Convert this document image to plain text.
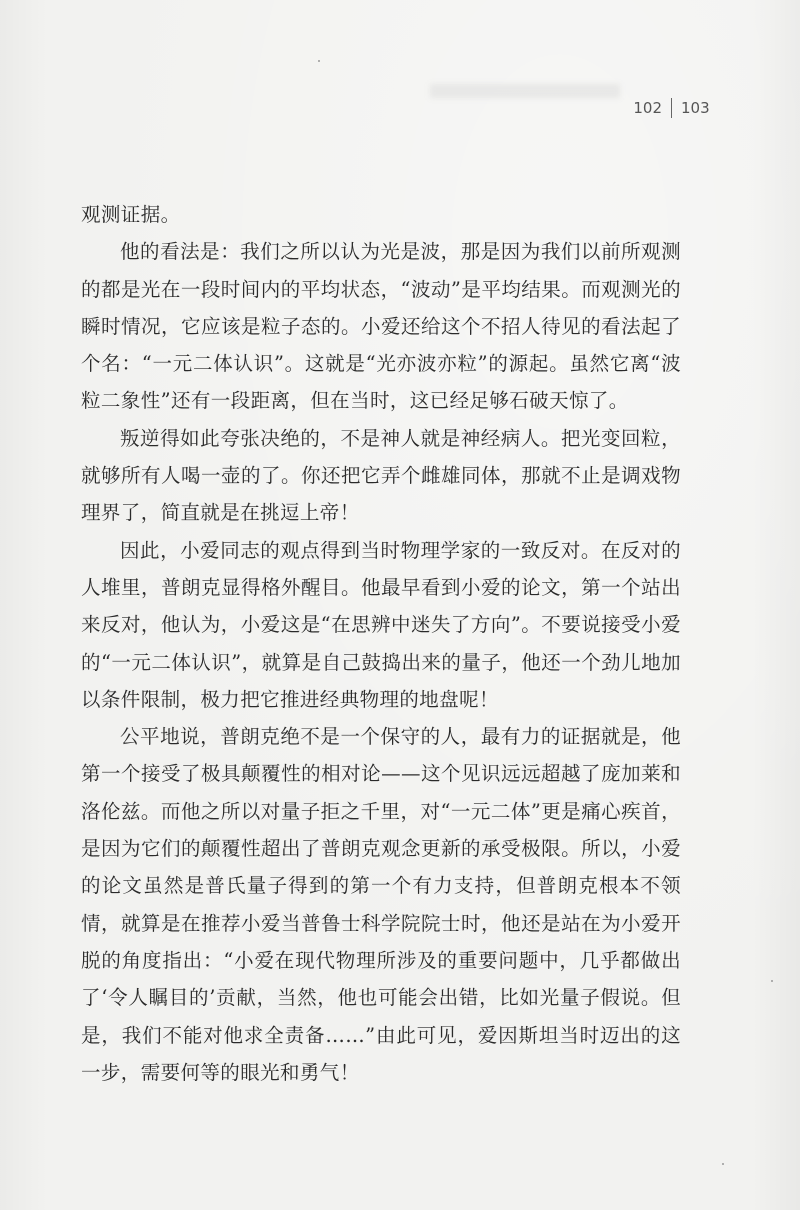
102 103

观测证据。

他的看法是：我们之所以认为光是波，那是因为我们以前所观测的都是光在一段时间内的平均状态，“波动”是平均结果。而观测光的瞬时情况，它应该是粒子态的。小爱还给这个不招人待见的看法起了个名：“一元二体认识”。这就是“光亦波亦粒”的源起。虽然它离“波粒二象性”还有一段距离，但在当时，这已经足够石破天惊了。

叛逆得如此夸张决绝的，不是神人就是神经病人。把光变回粒，就够所有人喝一壶的了。你还把它弄个雌雄同体，那就不止是调戏物理界了，简直就是在挑逗上帝！

因此，小爱同志的观点得到当时物理学家的一致反对。在反对的人堆里，普朗克显得格外醒目。他最早看到小爱的论文，第一个站出来反对，他认为，小爱这是“在思辨中迷失了方向”。不要说接受小爱的“一元二体认识”，就算是自己鼓捣出来的量子，他还一个劲儿地加以条件限制，极力把它推进经典物理的地盘呢！

公平地说，普朗克绝不是一个保守的人，最有力的证据就是，他第一个接受了极具颠覆性的相对论——这个见识远远超越了庞加莱和洛伦兹。而他之所以对量子拒之千里，对“一元二体”更是痛心疾首，是因为它们的颠覆性超出了普朗克观念更新的承受极限。所以，小爱的论文虽然是普氏量子得到的第一个有力支持，但普朗克根本不领情，就算是在推荐小爱当普鲁士科学院院士时，他还是站在为小爱开脱的角度指出：“小爱在现代物理所涉及的重要问题中，几乎都做出了‘令人瞩目的’贡献，当然，他也可能会出错，比如光量子假说。但是，我们不能对他求全责备……”由此可见，爱因斯坦当时迈出的这一步，需要何等的眼光和勇气！
